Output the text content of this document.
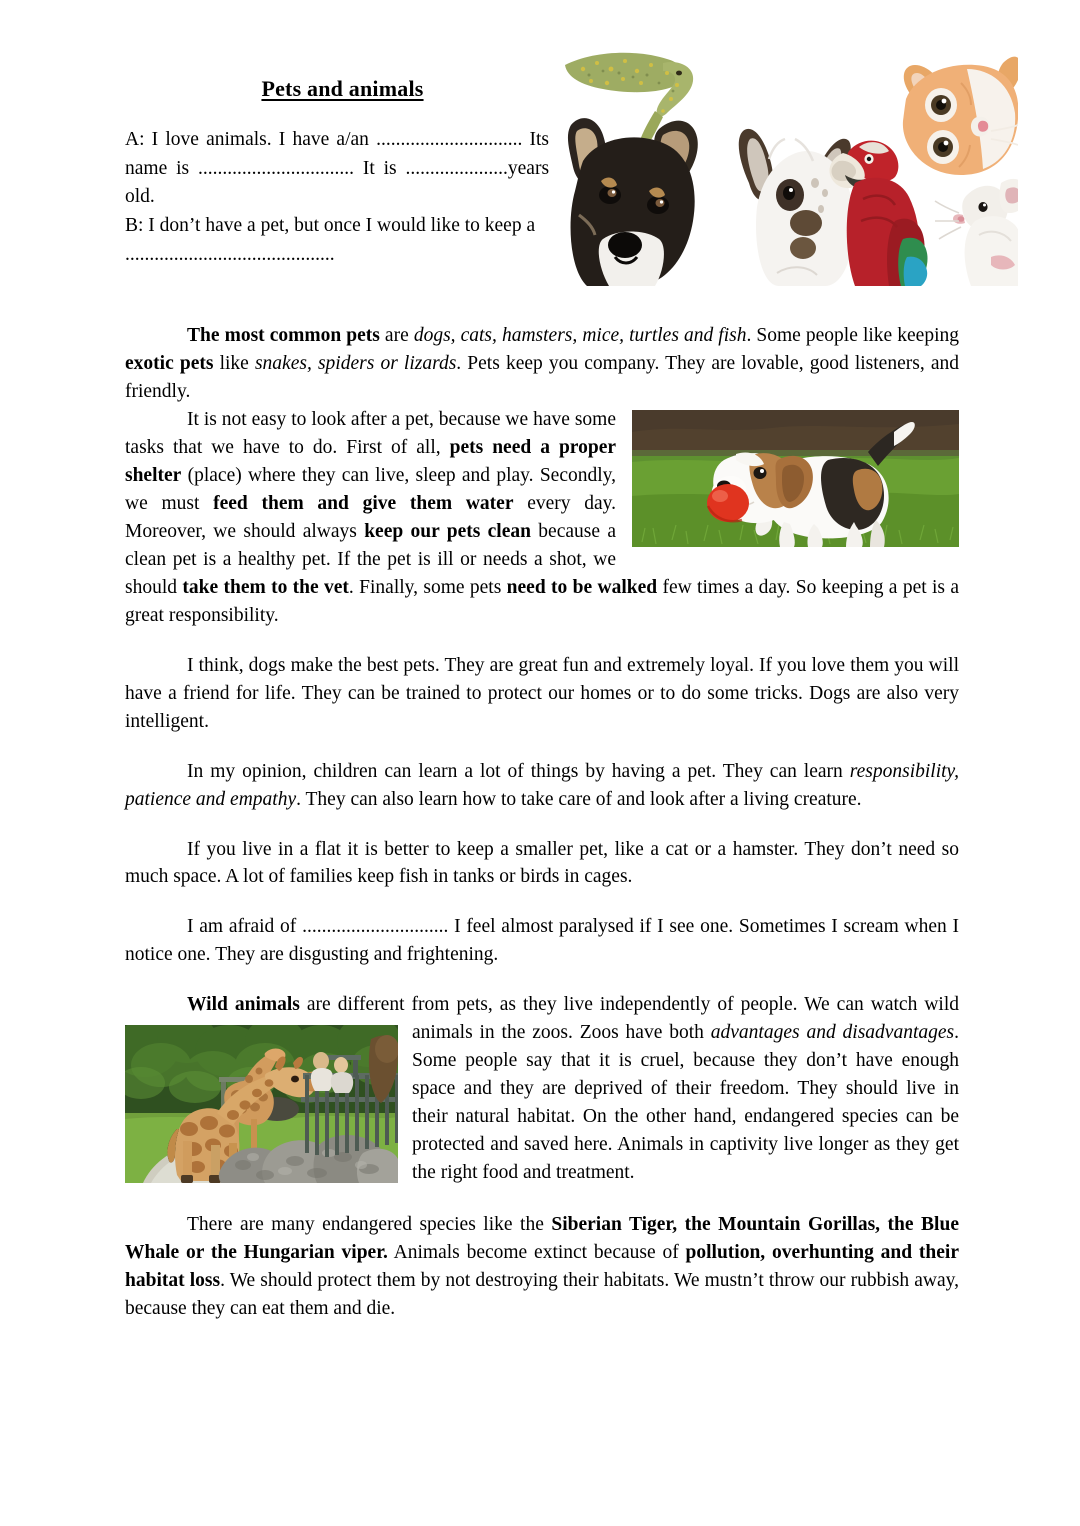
Pets and animals

A: I love animals. I have a/an .............................. Its name is ................................ It is .....................years old.

B: I don’t have a pet, but once I would like to keep a ...........................................

The most common pets are dogs, cats, hamsters, mice, turtles and fish. Some people like keeping exotic pets like snakes, spiders or lizards. Pets keep you company. They are lovable, good listeners, and friendly.

It is not easy to look after a pet, because we have some tasks that we have to do. First of all, pets need a proper shelter (place) where they can live, sleep and play. Secondly, we must feed them and give them water every day. Moreover, we should always keep our pets clean because a clean pet is a healthy pet. If the pet is ill or needs a shot, we should take them to the vet. Finally, some pets need to be walked few times a day. So keeping a pet is a great responsibility.

I think, dogs make the best pets. They are great fun and extremely loyal. If you love them you will have a friend for life. They can be trained to protect our homes or to do some tricks. Dogs are also very intelligent.

In my opinion, children can learn a lot of things by having a pet. They can learn responsibility, patience and empathy. They can also learn how to take care of and look after a living creature.

If you live in a flat it is better to keep a smaller pet, like a cat or a hamster. They don’t need so much space. A lot of families keep fish in tanks or birds in cages.

I am afraid of .............................. I feel almost paralysed if I see one. Sometimes I scream when I notice one. They are disgusting and frightening.

Wild animals are different from pets, as they live independently of people. We can watch wild animals in the zoos. Zoos have both
advantages and disadvantages. Some people say that it is cruel, because they don’t have enough space and they are deprived of their freedom. They should live in their natural habitat. On the other hand, endangered species can be protected and saved here. Animals in captivity live longer as they get the right food and treatment.

There are many endangered species like the Siberian Tiger, the Mountain Gorillas, the Blue Whale or the Hungarian viper. Animals become extinct because of pollution, overhunting and their habitat loss. We should protect them by not destroying their habitats. We mustn’t throw our rubbish away, because they can eat them and die.
